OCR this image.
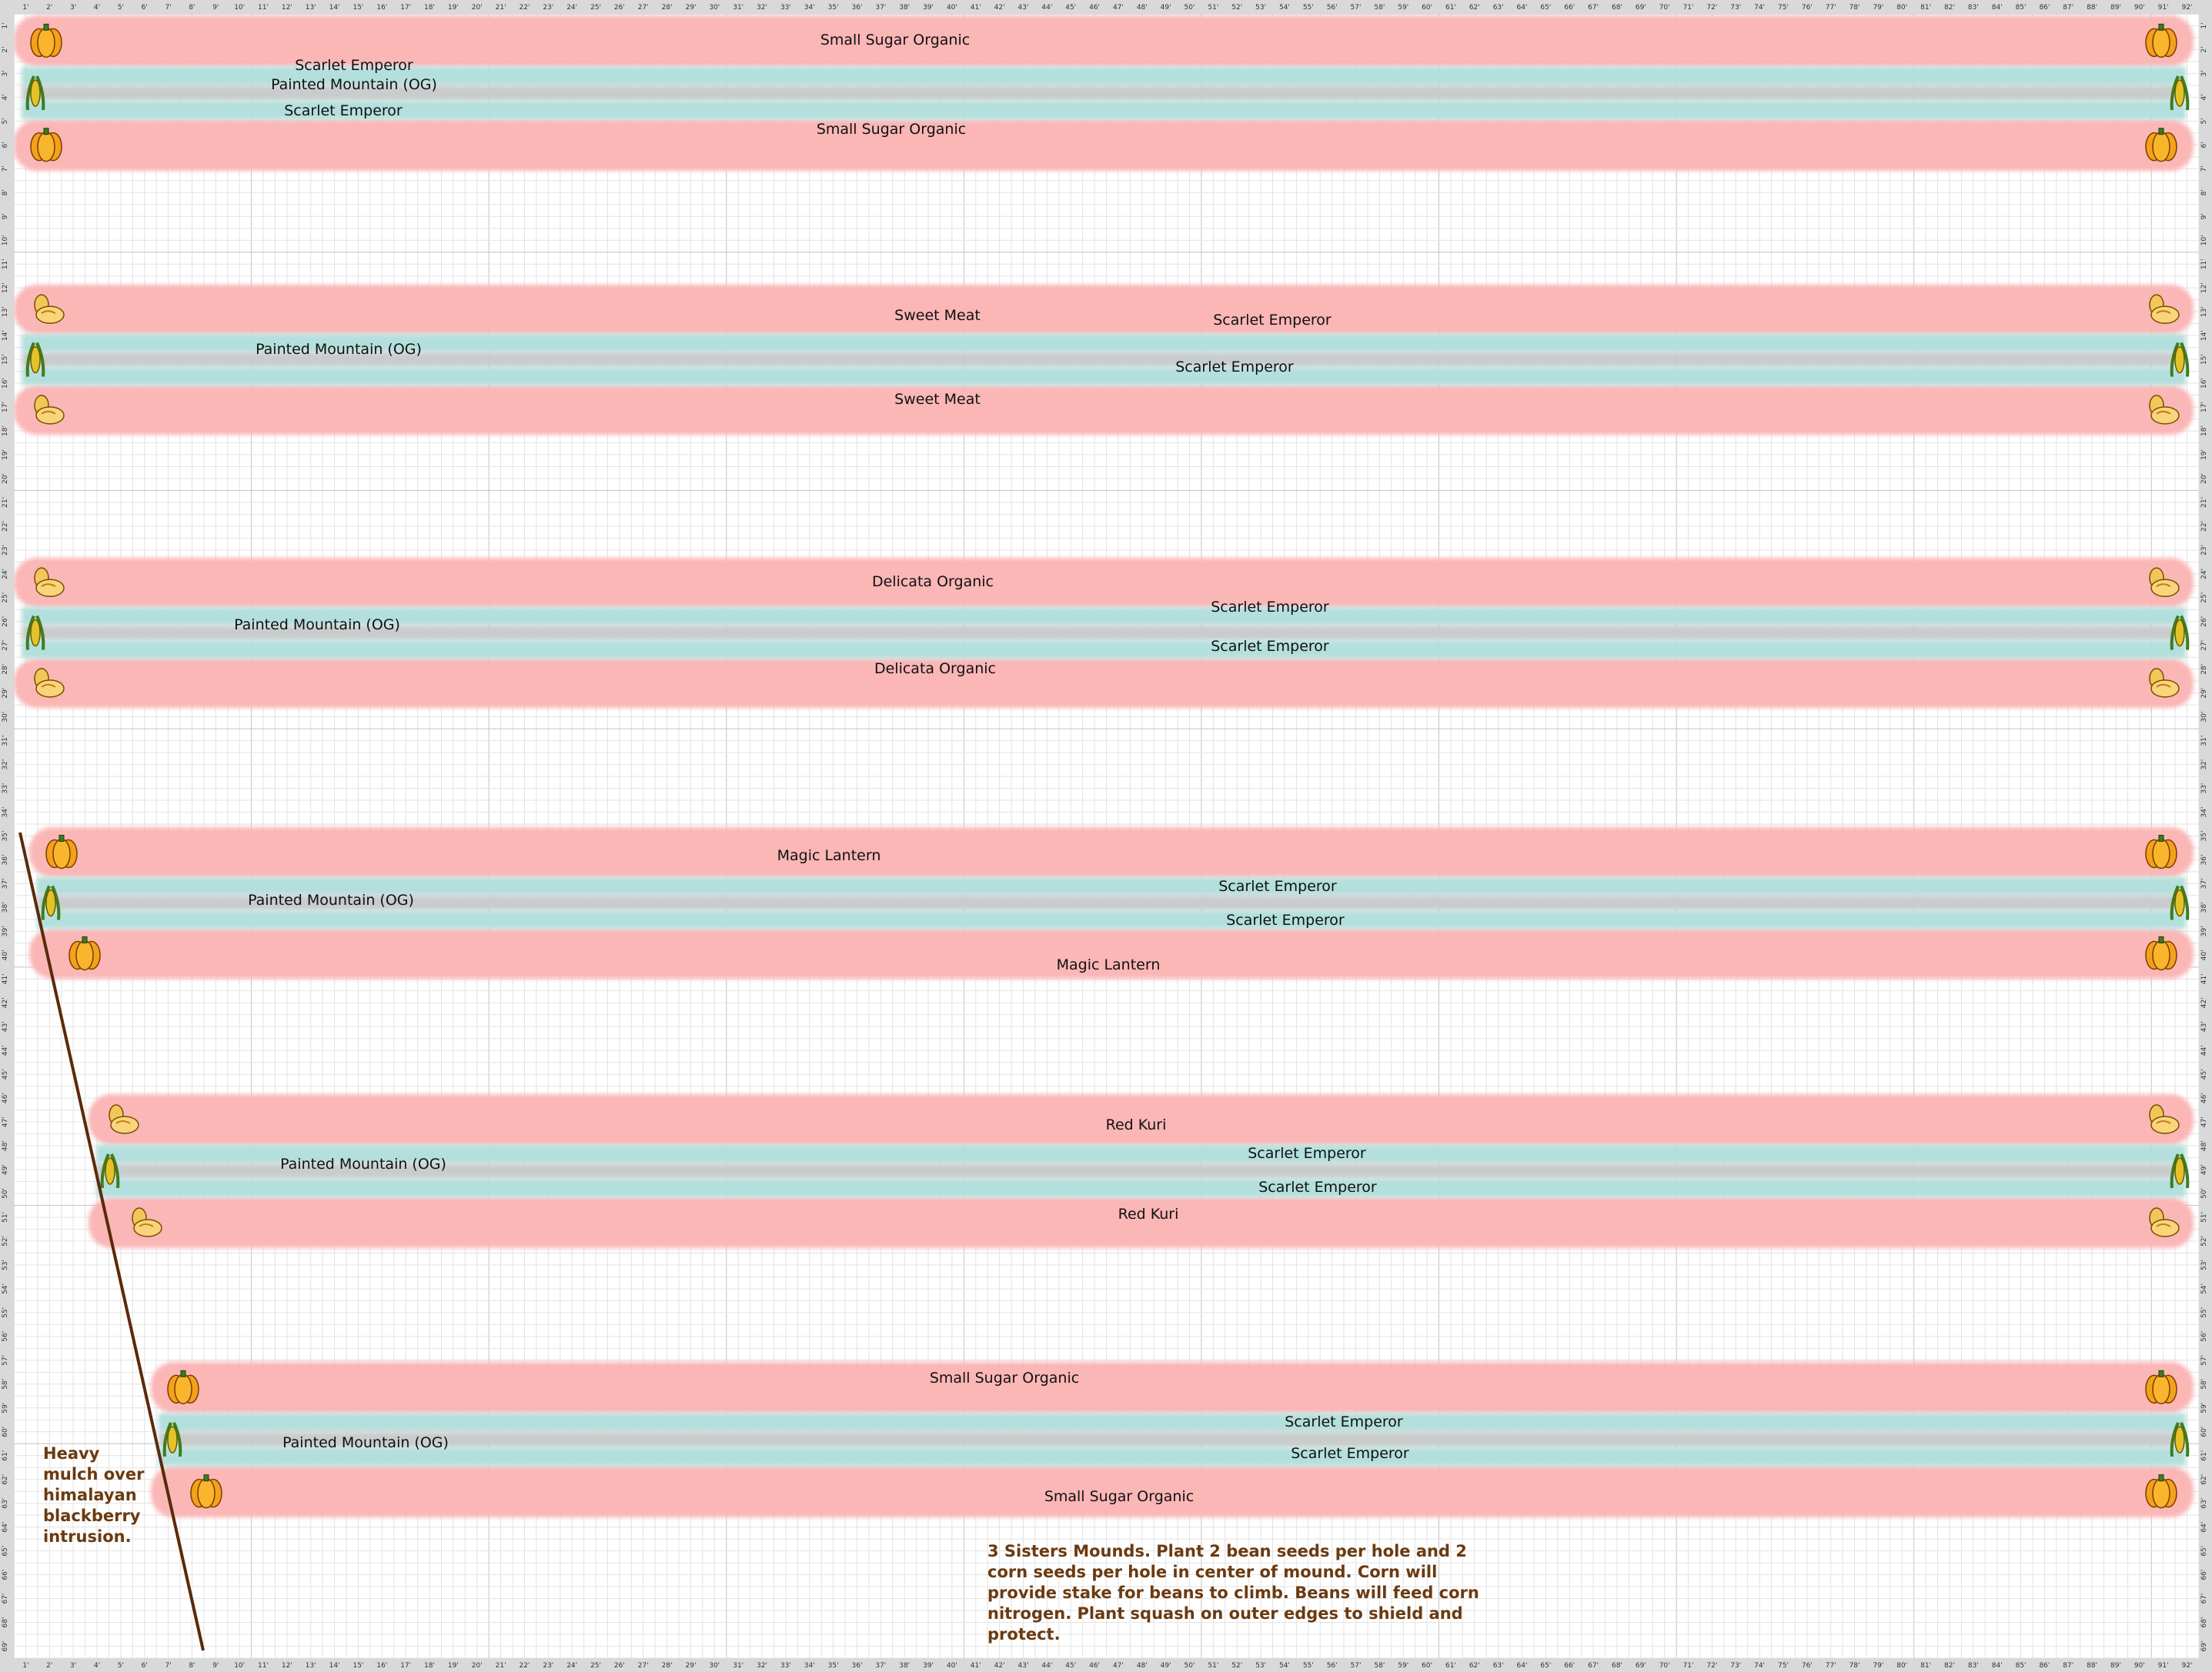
Small Sugar Organic
Scarlet Emperor
Painted Mountain (OG)
Scarlet Emperor
Small Sugar Organic
Sweet Meat	Scarlet Emperor
Painted Mountain (OG)
Scarlet Emperor
Sweet Meat
Delicata Organic
Scarlet Emperor
Painted Mountain (OG)
Scarlet Emperor
Delicata Organic
Magic Lantern
Scarlet Emperor
Painted Mountain (OG)
Scarlet Emperor
Magic Lantern
Red Kuri
Scarlet Emperor
Painted Mountain (OG)
Scarlet Emperor
Red Kuri
Small Sugar Organic
Scarlet Emperor
Painted Mountain (OG)
Scarlet Emperor
Small Sugar Organic
1'
1'
2'
2'
3'
3'
4'
4'
5'
5'
6'
6'
7'
7'
8'
8'
9'
9'
10'
10'
11'
11'
12'
12'
13'
13'
14'
14'
15'
15'
16'
16'
17'
17'
18'
18'
19'
19'
20'
20'
21'
21'
22'
22'
23'
23'
24'
24'
25'
25'
26'
26'
27'
27'
28'
28'
29'
29'
30'
30'
31'
31'
32'
32'
33'
33'
34'
34'
35'
35'
36'
36'
37'
37'
38'
38'
39'
39'
40'
40'
41'
41'
42'
42'
43'
43'
44'
44'
45'
45'
46'
46'
47'
47'
48'
48'
49'
49'
50'
50'
51'
51'
52'
52'
53'
53'
54'
54'
55'
55'
56'
56'
57'
57'
58'
58'
59'
59'
60'
60'
61'
61'
62'
62'
63'
63'
64'
64'
65'
65'
66'
66'
67'
67'
68'
68'
69'
69'
70'
70'
71'
71'
72'
72'
73'
73'
74'
74'
75'
75'
76'
76'
77'
77'
78'
78'
79'
79'
80'
80'
81'
81'
82'
82'
83'
83'
84'
84'
85'
85'
86'
86'
87'
87'
88'
88'
89'
89'
90'
90'
91'
91'
92'
92'
1'	1'
2'	2'
3'	3'
4'	4'
5'	5'
6'	6'
7'	7'
8'	8'
9'	9'
10'	10'
11'	11'
12'	12'
13'	13'
14'	14'
15'	15'
16'	16'
17'	17'
18'	18'
19'	19'
20'	20'
21'	21'
22'	22'
23'	23'
24'	24'
25'	25'
26'	26'
27'	27'
28'	28'
29'	29'
30'	30'
31'	31'
32'	32'
33'	33'
34'	34'
35'	35'
36'	36'
37'	37'
38'	38'
39'	39'
40'	40'
41'	41'
42'	42'
43'	43'
44'	44'
45'	45'
46'	46'
47'	47'
48'	48'
49'	49'
50'	50'
51'	51'
52'	52'
53'	53'
54'	54'
55'	55'
56'	56'
57'	57'
58'	58'
59'	59'
60'	60'
61'	61'
62'	62'
63'	63'
64'	64'
65'	65'
66'	66'
67'	67'
68'	68'
69'	69'
Heavy mulch over himalayan blackberry intrusion.
3 Sisters Mounds. Plant 2 bean seeds per hole and 2 corn seeds per hole in center of mound. Corn will provide stake for beans to climb. Beans will feed corn nitrogen. Plant squash on outer edges to shield and protect.
